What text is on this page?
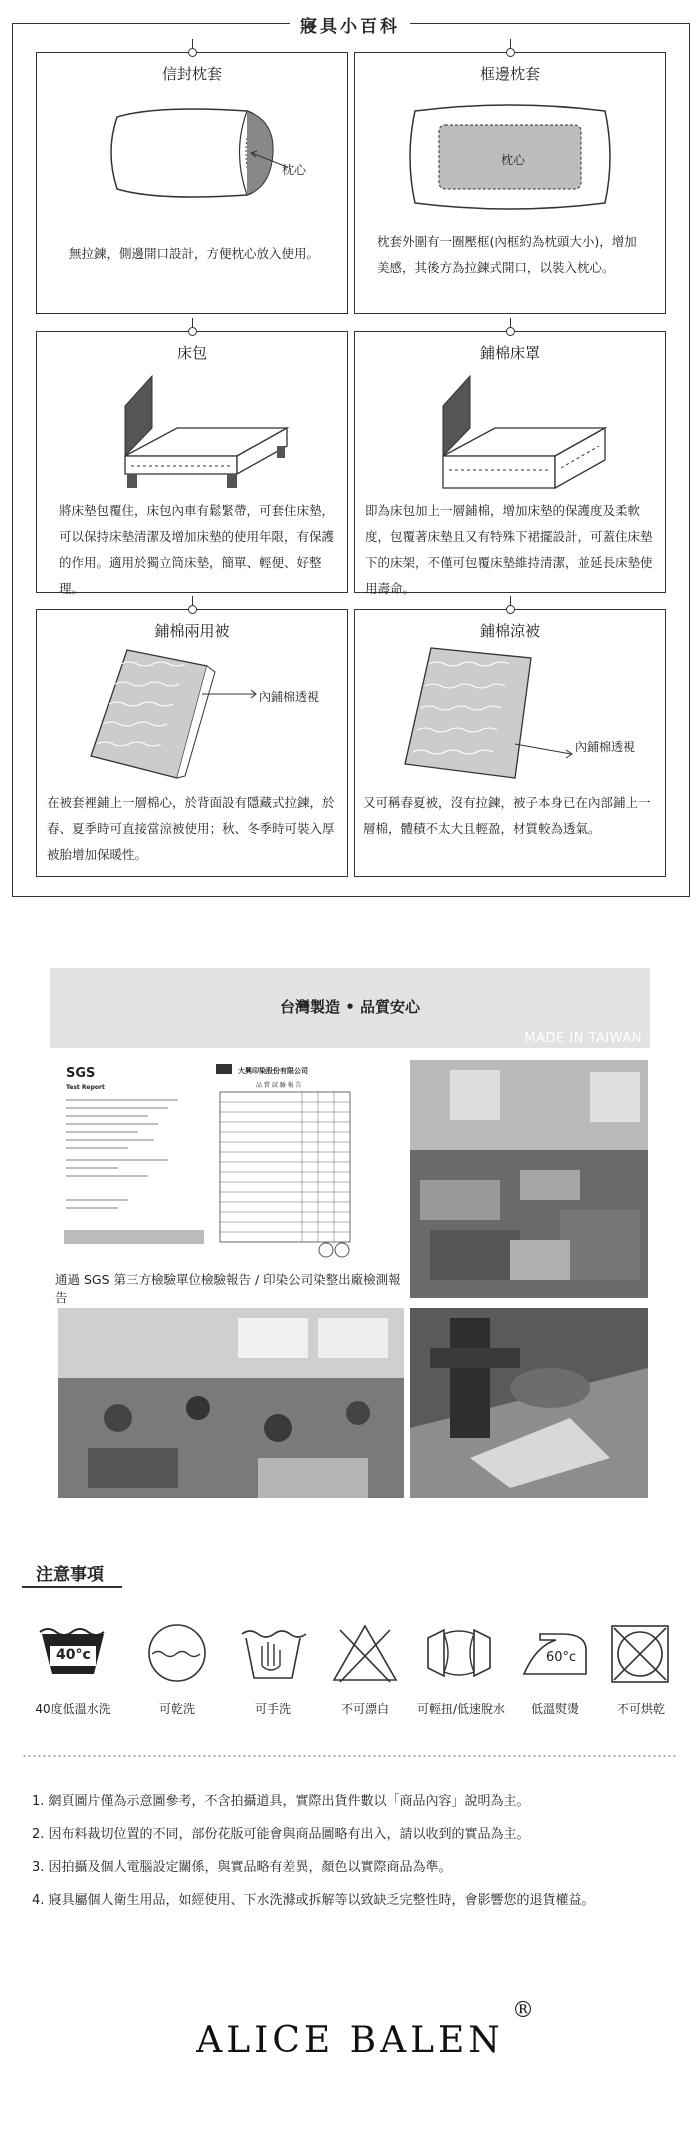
寢具小百科
信封枕套
枕心
無拉鍊，側邊開口設計，方便枕心放入使用。
框邊枕套
枕心
枕套外圍有一圈壓框(內框約為枕頭大小)，增加美感，其後方為拉鍊式開口，以裝入枕心。
床包
將床墊包覆住，床包內車有鬆緊帶，可套住床墊，可以保持床墊清潔及增加床墊的使用年限，有保護的作用。適用於獨立筒床墊，簡單、輕便、好整理。
鋪棉床罩
即為床包加上一層鋪棉，增加床墊的保護度及柔軟度，包覆著床墊且又有特殊下裙擺設計，可蓋住床墊下的床架，不僅可包覆床墊維持清潔，並延長床墊使用壽命。
鋪棉兩用被
內鋪棉透視
在被套裡鋪上一層棉心，於背面設有隱藏式拉鍊，於春、夏季時可直接當涼被使用；秋、冬季時可裝入厚被胎增加保暖性。
鋪棉涼被
內鋪棉透視
又可稱春夏被，沒有拉鍊，被子本身已在內部鋪上一層棉，體積不太大且輕盈，材質較為透氣。
台灣製造 • 品質安心
MADE IN TAIWAN
SGS
Test Report
大興印染股份有限公司
品 質 試 驗 報 告
通過 SGS 第三方檢驗單位檢驗報告 / 印染公司染整出廠檢測報告
注意事項
40°c	60°c
40度低溫水洗	可乾洗	可手洗	不可漂白	可輕扭/低速脫水	低溫熨燙	不可烘乾
1. 網頁圖片僅為示意圖參考，不含拍攝道具，實際出貨件數以「商品內容」說明為主。
2. 因布料裁切位置的不同，部份花版可能會與商品圖略有出入，請以收到的實品為主。
3. 因拍攝及個人電腦設定關係，與實品略有差異，顏色以實際商品為準。
4. 寢具屬個人衛生用品，如經使用、下水洗滌或拆解等以致缺乏完整性時，會影響您的退貨權益。
ALICE BALEN
®
